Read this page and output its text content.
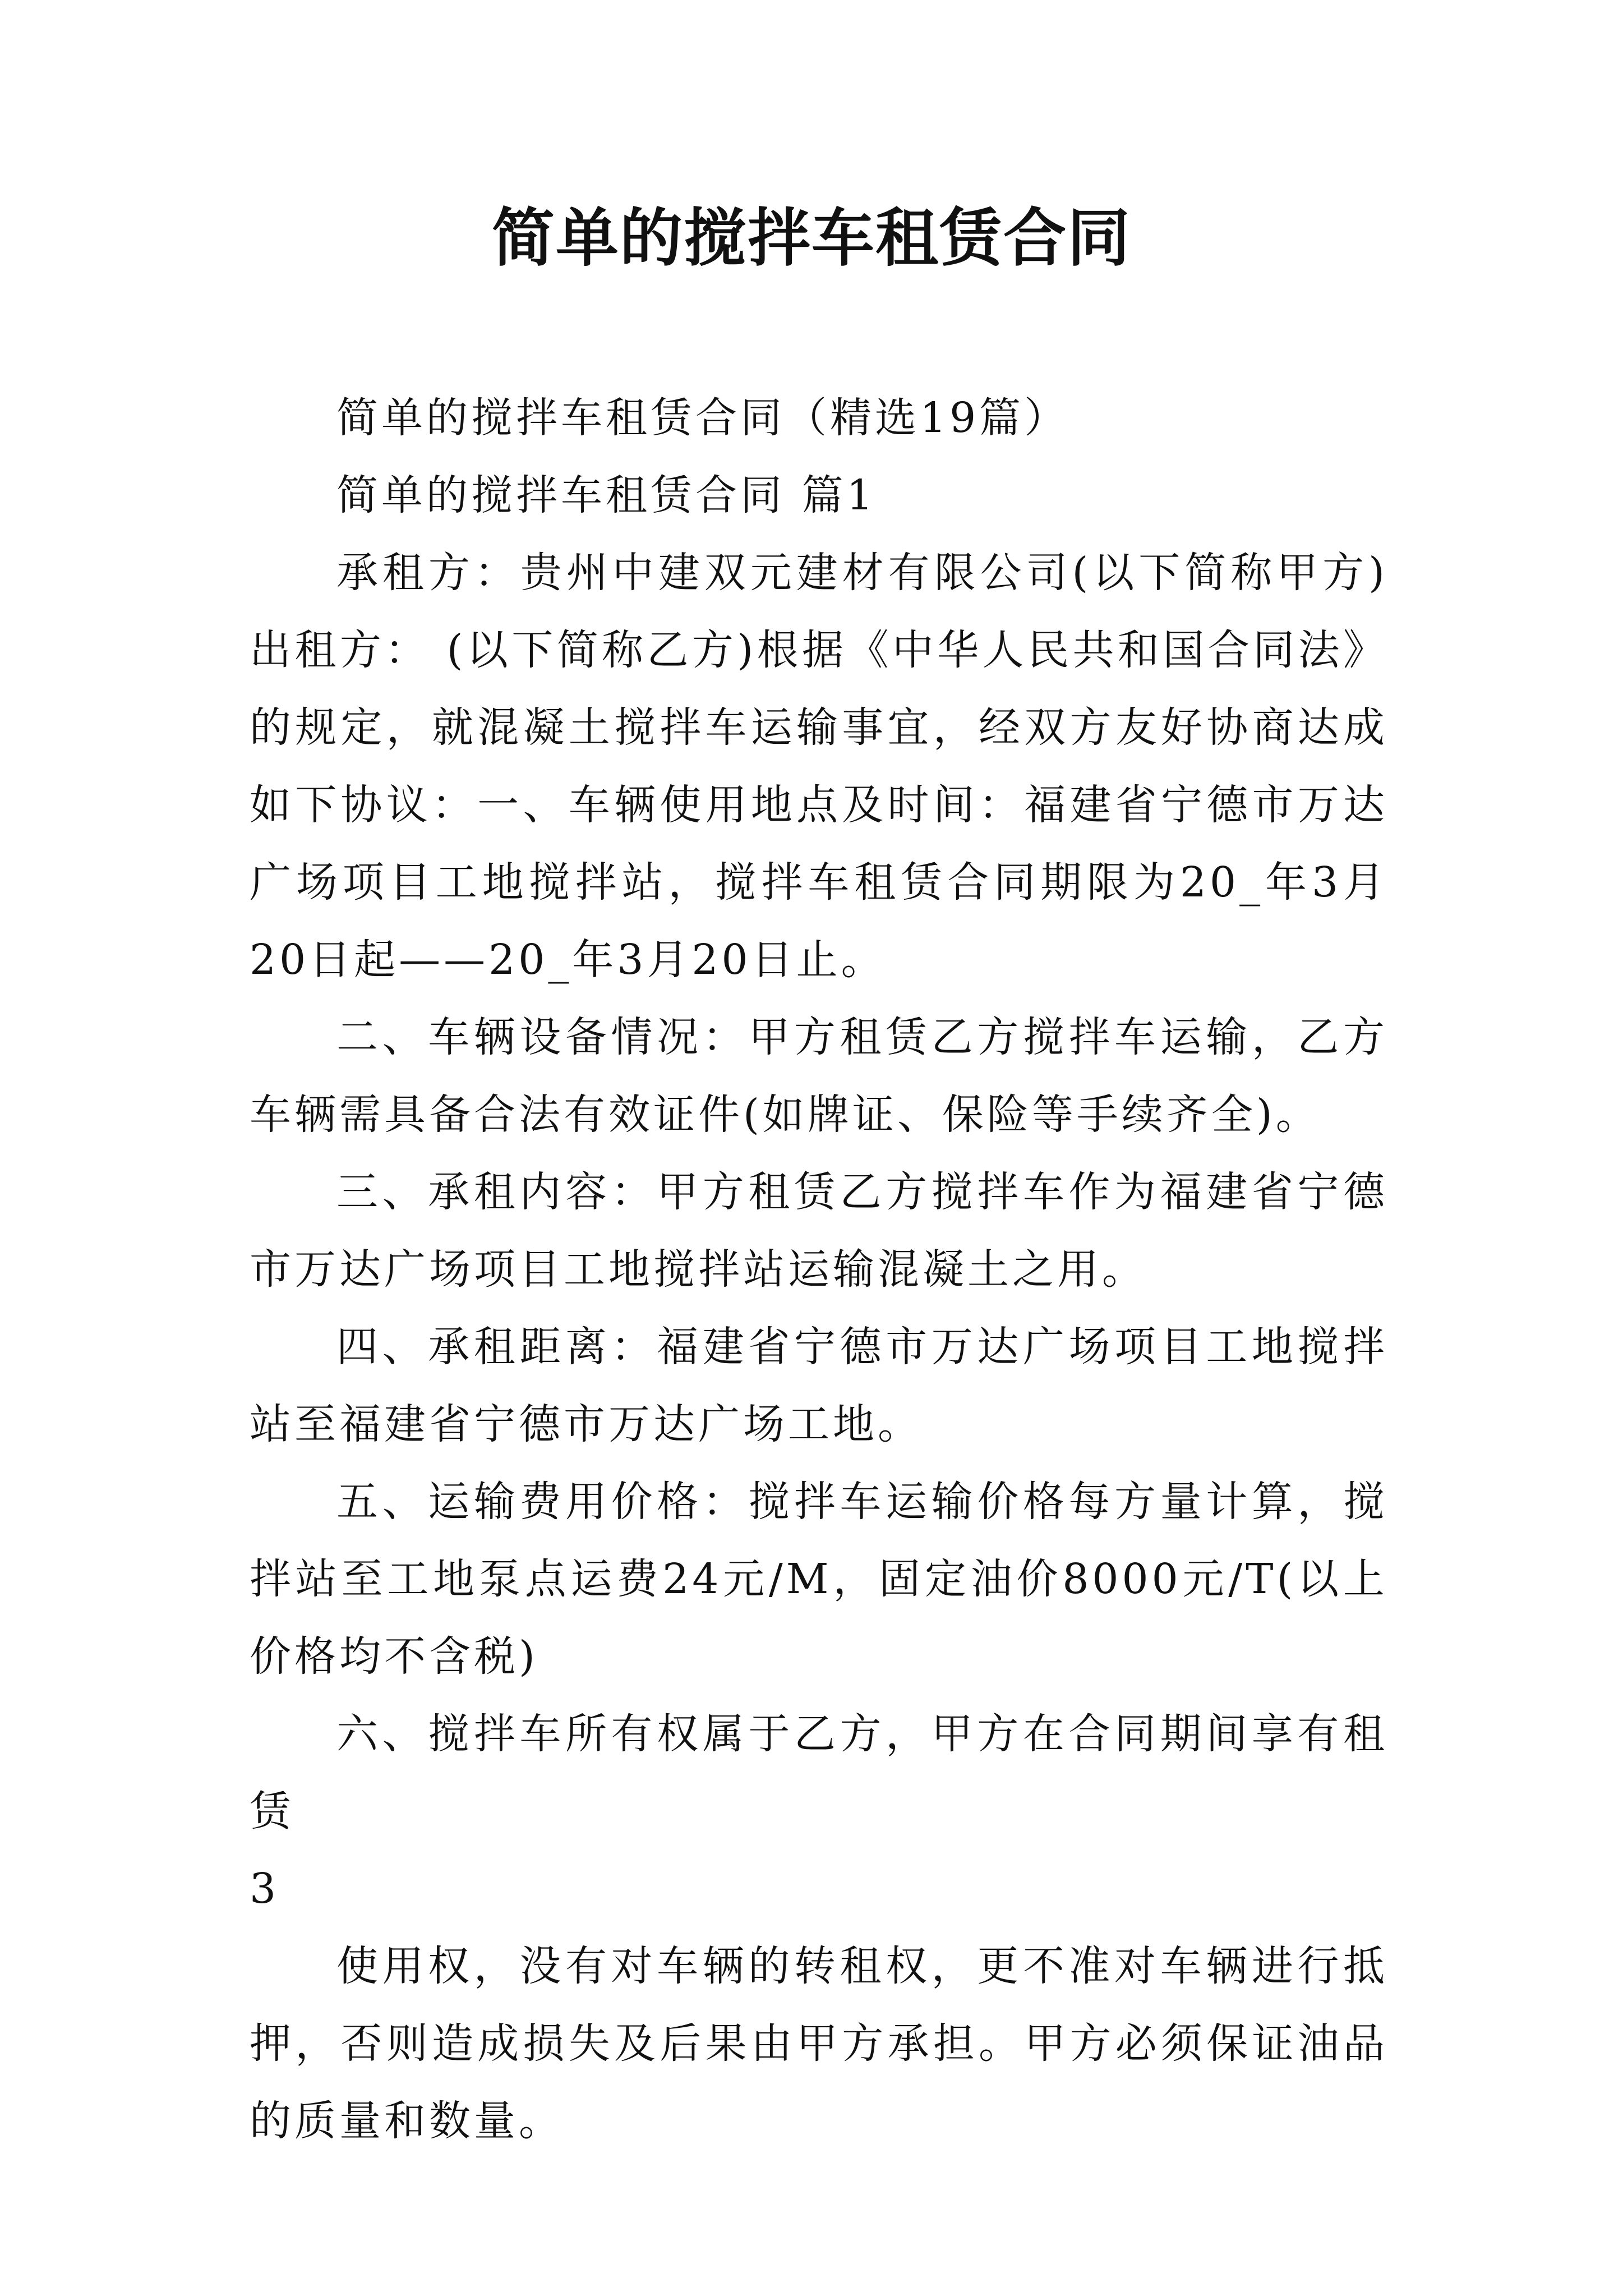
简单的搅拌车租赁合同

简单的搅拌车租赁合同（精选19篇）

简单的搅拌车租赁合同 篇1

承租方：贵州中建双元建材有限公司(以下简称甲方)出租方： (以下简称乙方)根据《中华人民共和国合同法》的规定，就混凝土搅拌车运输事宜，经双方友好协商达成如下协议：一、车辆使用地点及时间：福建省宁德市万达广场项目工地搅拌站，搅拌车租赁合同期限为20_年3月20日起——20_年3月20日止。

二、车辆设备情况：甲方租赁乙方搅拌车运输，乙方车辆需具备合法有效证件(如牌证、保险等手续齐全)。

三、承租内容：甲方租赁乙方搅拌车作为福建省宁德市万达广场项目工地搅拌站运输混凝土之用。

四、承租距离：福建省宁德市万达广场项目工地搅拌站至福建省宁德市万达广场工地。

五、运输费用价格：搅拌车运输价格每方量计算，搅拌站至工地泵点运费24元/M，固定油价8000元/T(以上价格均不含税)

六、搅拌车所有权属于乙方，甲方在合同期间享有租赁

3

使用权，没有对车辆的转租权，更不准对车辆进行抵押，否则造成损失及后果由甲方承担。甲方必须保证油品的质量和数量。
